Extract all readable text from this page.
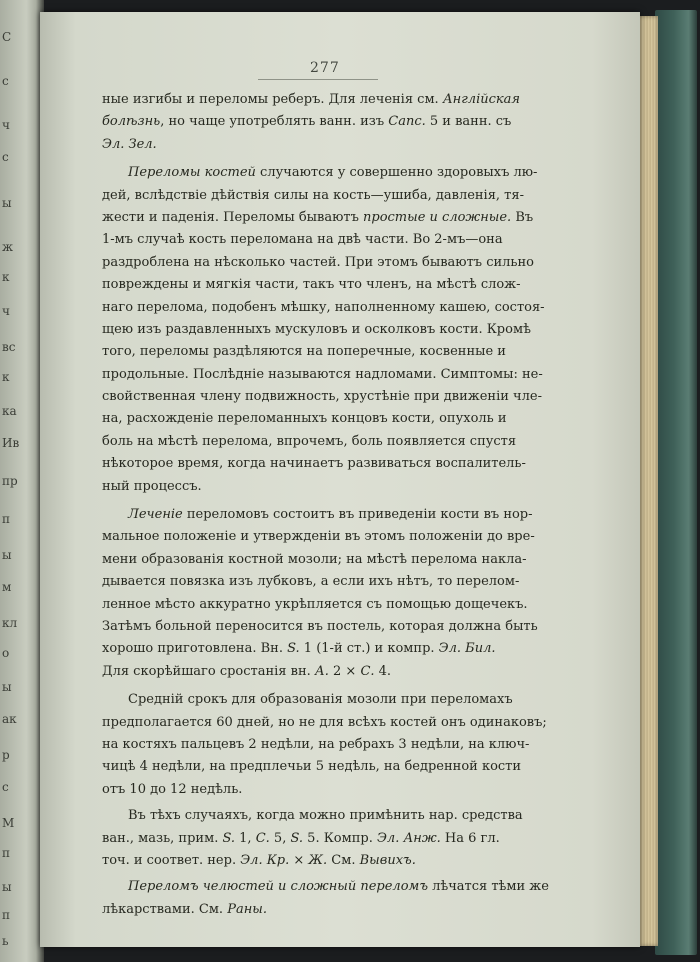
ь
п
ы
п
М
с
р
ак
ы
о
кл
м
ы
п
пр
Ив
ка
к
вс
ч
к
ж
ы
с
ч
c
С
277
ные изгибы и переломы реберъ. Для леченія см. Англійская
болѣзнь, но чаще употреблять ванн. изъ Сапс. 5 и ванн. съ
Эл. Зел.
Переломы костей случаются у совершенно здоровыхъ лю-
дей, вслѣдствіе дѣйствія силы на кость—ушиба, давленія, тя-
жести и паденія. Переломы бываютъ простые и сложные. Въ
1-мъ случаѣ кость переломана на двѣ части. Во 2-мъ—она
раздроблена на нѣсколько частей. При этомъ бываютъ сильно
повреждены и мягкія части, такъ что членъ, на мѣстѣ слож-
наго перелома, подобенъ мѣшку, наполненному кашею, состоя-
щею изъ раздавленныхъ мускуловъ и осколковъ кости. Кромѣ
того, переломы раздѣляются на поперечные, косвенные и
продольные. Послѣдніе называются надломами. Симптомы: не-
свойственная члену подвижность, хрустѣніе при движеніи чле-
на, расхожденіе переломанныхъ концовъ кости, опухоль и
боль на мѣстѣ перелома, впрочемъ, боль появляется спустя
нѣкоторое время, когда начинаетъ развиваться воспалитель-
ный процессъ.
Леченіе переломовъ состоитъ въ приведеніи кости въ нор-
мальное положеніе и утвержденіи въ этомъ положеніи до вре-
мени образованія костной мозоли; на мѣстѣ перелома накла-
дывается повязка изъ лубковъ, а если ихъ нѣтъ, то перелом-
ленное мѣсто аккуратно укрѣпляется съ помощью дощечекъ.
Затѣмъ больной переносится въ постель, которая должна быть
хорошо приготовлена. Вн. S. 1 (1-й ст.) и компр. Эл. Бил.
Для скорѣйшаго сростанія вн. А. 2 × С. 4.
Средній срокъ для образованія мозоли при переломахъ
предполагается 60 дней, но не для всѣхъ костей онъ одинаковъ;
на костяхъ пальцевъ 2 недѣли, на ребрахъ 3 недѣли, на ключ-
чицѣ 4 недѣли, на предплечьи 5 недѣль, на бедренной кости
отъ 10 до 12 недѣль.
Въ тѣхъ случаяхъ, когда можно примѣнить нар. средства
ван., мазь, прим. S. 1, С. 5, S. 5. Компр. Эл. Анж. На 6 гл.
точ. и соответ. нер. Эл. Кр. × Ж. См. Вывихъ.
Переломъ челюстей и сложный переломъ лѣчатся тѣми же
лѣкарствами. См. Раны.
